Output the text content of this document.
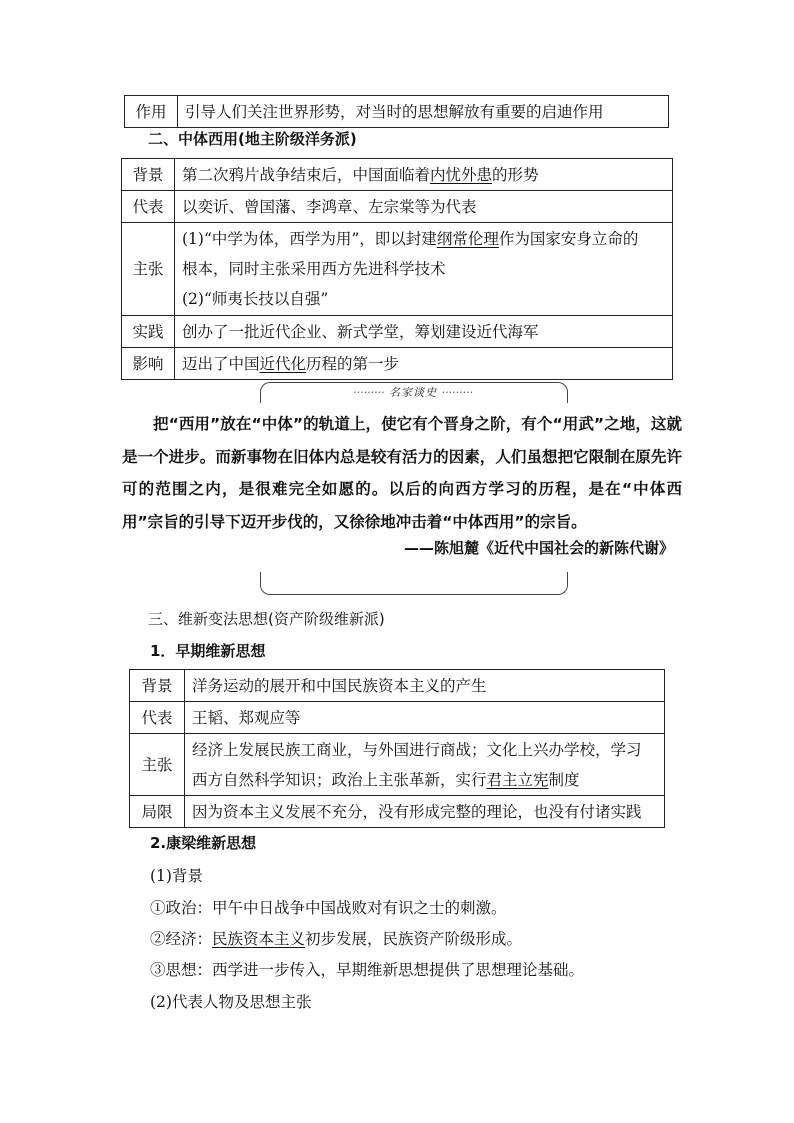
作用	引导人们关注世界形势，对当时的思想解放有重要的启迪作用
二、中体西用(地主阶级洋务派)
背景	第二次鸦片战争结束后，中国面临着内忧外患的形势
代表	以奕䜣、曾国藩、李鸿章、左宗棠等为代表
主张	(1)“中学为体，西学为用”，即以封建纲常伦理作为国家安身立命的
根本，同时主张采用西方先进科学技术
(2)“师夷长技以自强”

实践	创办了一批近代企业、新式学堂，筹划建设近代海军
影响	迈出了中国近代化历程的第一步
········· 名家谈史 ·········
把“西用”放在“中体”的轨道上，使它有个晋身之阶，有个“用武”之地，这就是一个进步。而新事物在旧体内总是较有活力的因素，人们虽想把它限制在原先许可的范围之内，是很难完全如愿的。以后的向西方学习的历程，是在“中体西用”宗旨的引导下迈开步伐的，又徐徐地冲击着“中体西用”的宗旨。
——陈旭麓《近代中国社会的新陈代谢》
三、维新变法思想(资产阶级维新派)
1．早期维新思想
背景	洋务运动的展开和中国民族资本主义的产生
代表	王韬、郑观应等
主张	经济上发展民族工商业，与外国进行商战；文化上兴办学校，学习
西方自然科学知识；政治上主张革新，实行君主立宪制度

局限	因为资本主义发展不充分，没有形成完整的理论，也没有付诸实践
2.康梁维新思想
(1)背景
①政治：甲午中日战争中国战败对有识之士的刺激。
②经济：民族资本主义初步发展，民族资产阶级形成。
③思想：西学进一步传入，早期维新思想提供了思想理论基础。
(2)代表人物及思想主张
